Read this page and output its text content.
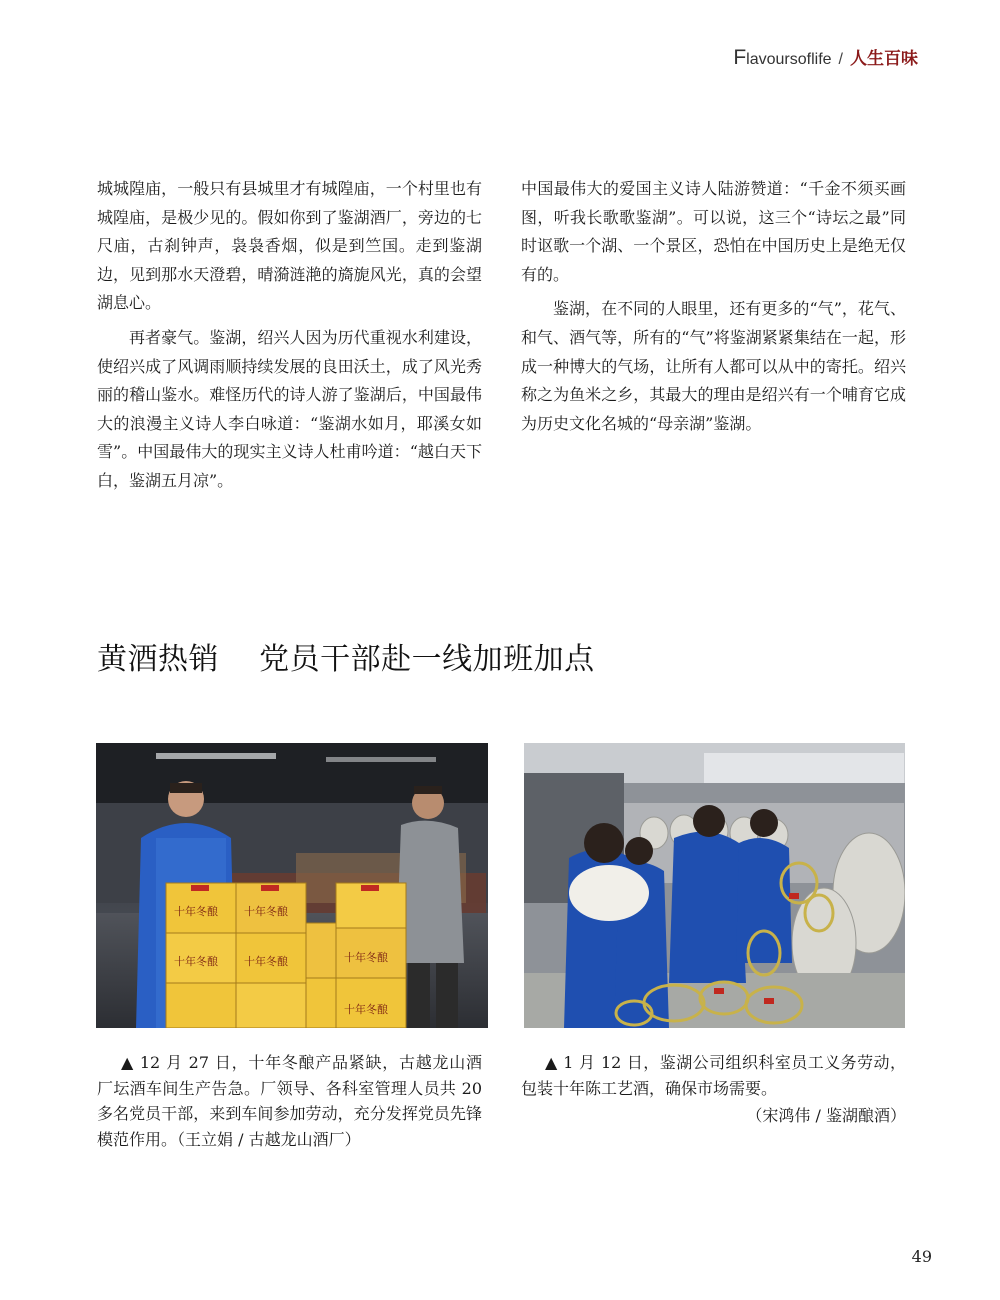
F lavoursoflife / 人生百味

城城隍庙，一般只有县城里才有城隍庙，一个村里也有城隍庙，是极少见的。假如你到了鉴湖酒厂，旁边的七尺庙，古刹钟声，袅袅香烟，似是到竺国。走到鉴湖边，见到那水天澄碧，晴漪涟滟的旖旎风光，真的会望湖息心。

再者豪气。鉴湖，绍兴人因为历代重视水利建设，使绍兴成了风调雨顺持续发展的良田沃土，成了风光秀丽的稽山鉴水。难怪历代的诗人游了鉴湖后，中国最伟大的浪漫主义诗人李白咏道：“鉴湖水如月，耶溪女如雪”。中国最伟大的现实主义诗人杜甫吟道：“越白天下白，鉴湖五月凉”。

中国最伟大的爱国主义诗人陆游赞道：“千金不须买画图，听我长歌歌鉴湖”。可以说，这三个“诗坛之最”同时讴歌一个湖、一个景区，恐怕在中国历史上是绝无仅有的。

鉴湖，在不同的人眼里，还有更多的“气”，花气、和气、酒气等，所有的“气”将鉴湖紧紧集结在一起，形成一种博大的气场，让所有人都可以从中的寄托。绍兴称之为鱼米之乡，其最大的理由是绍兴有一个哺育它成为历史文化名城的“母亲湖”鉴湖。

黄酒热销    党员干部赴一线加班加点
十年冬酿 十年冬酿
十年冬酿 十年冬酿	十年冬酿
十年冬酿

▲ 12 月 27 日，十年冬酿产品紧缺，古越龙山酒厂坛酒车间生产告急。厂领导、各科室管理人员共 20 多名党员干部，来到车间参加劳动，充分发挥党员先锋模范作用。（王立娟 / 古越龙山酒厂）

▲ 1 月 12 日，鉴湖公司组织科室员工义务劳动，包装十年陈工艺酒，确保市场需要。

（宋鸿伟 / 鉴湖酿酒）

49
